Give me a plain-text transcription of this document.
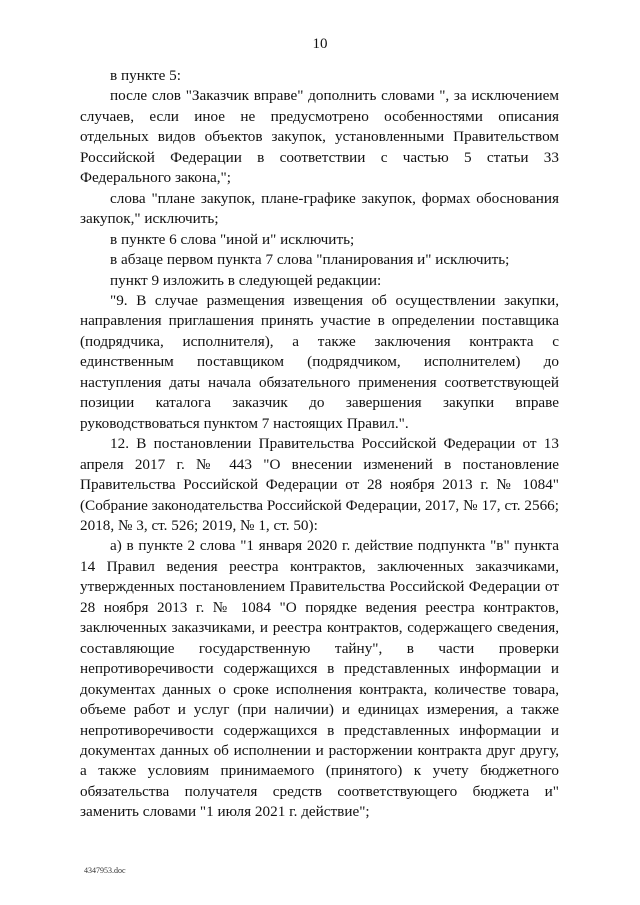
10

в пункте 5:

после слов "Заказчик вправе" дополнить словами ", за исключением случаев, если иное не предусмотрено особенностями описания отдельных видов объектов закупок, установленными Правительством Российской Федерации в соответствии с частью 5 статьи 33 Федерального закона,";

слова "плане закупок, плане-графике закупок, формах обоснования закупок," исключить;

в пункте 6 слова "иной и" исключить;

в абзаце первом пункта 7 слова "планирования и" исключить;

пункт 9 изложить в следующей редакции:

"9. В случае размещения извещения об осуществлении закупки, направления приглашения принять участие в определении поставщика (подрядчика, исполнителя), а также заключения контракта с единственным поставщиком (подрядчиком, исполнителем) до наступления даты начала обязательного применения соответствующей позиции каталога заказчик до завершения закупки вправе руководствоваться пунктом 7 настоящих Правил.".

12. В постановлении Правительства Российской Федерации от 13 апреля 2017 г. № 443 "О внесении изменений в постановление Правительства Российской Федерации от 28 ноября 2013 г. № 1084" (Собрание законодательства Российской Федерации, 2017, № 17, ст. 2566; 2018, № 3, ст. 526; 2019, № 1, ст. 50):

а) в пункте 2 слова "1 января 2020 г. действие подпункта "в" пункта 14 Правил ведения реестра контрактов, заключенных заказчиками, утвержденных постановлением Правительства Российской Федерации от 28 ноября 2013 г. № 1084 "О порядке ведения реестра контрактов, заключенных заказчиками, и реестра контрактов, содержащего сведения, составляющие государственную тайну", в части проверки непротиворечивости содержащихся в представленных информации и документах данных о сроке исполнения контракта, количестве товара, объеме работ и услуг (при наличии) и единицах измерения, а также непротиворечивости содержащихся в представленных информации и документах данных об исполнении и расторжении контракта друг другу, а также условиям принимаемого (принятого) к учету бюджетного обязательства получателя средств соответствующего бюджета и" заменить словами "1 июля 2021 г. действие";

4347953.doc
